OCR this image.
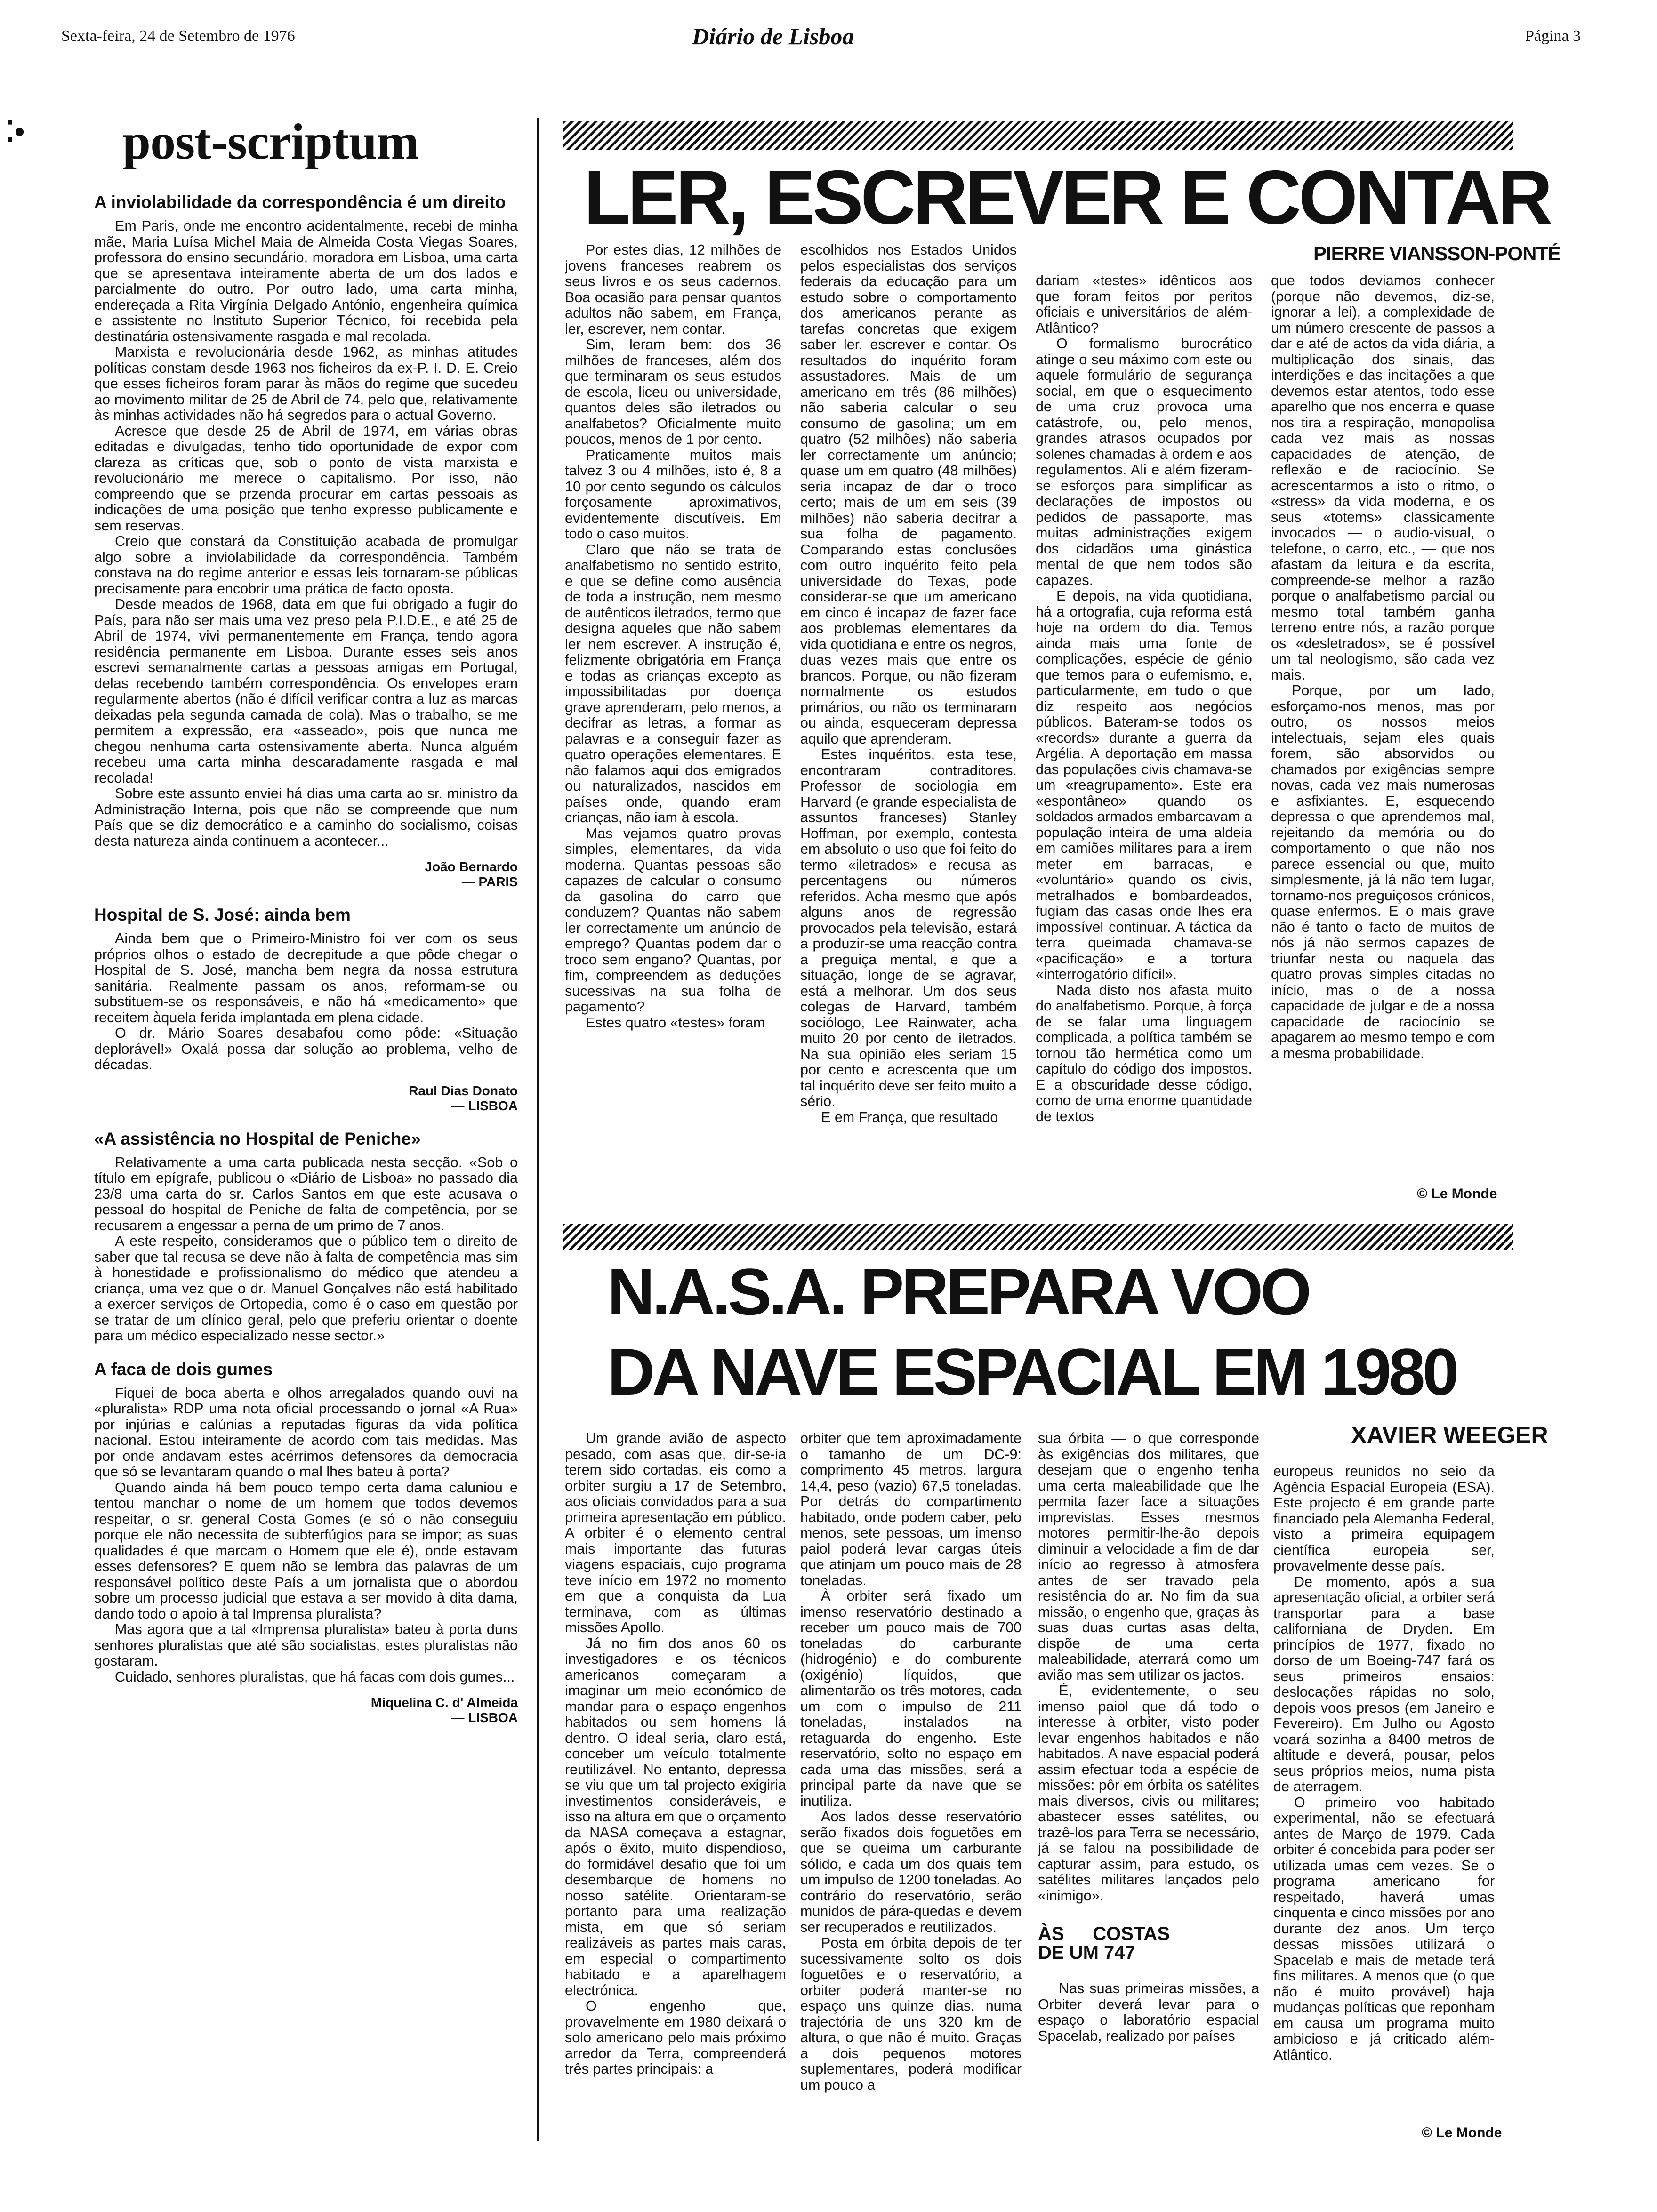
Sexta-feira, 24 de Setembro de 1976	Diário de Lisboa	Página 3
⁚• post-scriptum
A inviolabilidade da correspondência é um direito

Em Paris, onde me encontro acidentalmente, recebi de minha mãe, Maria Luísa Michel Maia de Almeida Costa Viegas Soares, professora do ensino secundário, moradora em Lisboa, uma carta que se apresentava inteiramente aberta de um dos lados e parcialmente do outro. Por outro lado, uma carta minha, endereçada a Rita Virgínia Delgado António, engenheira química e assistente no Instituto Superior Técnico, foi recebida pela destinatária ostensivamente rasgada e mal recolada.

Marxista e revolucionária desde 1962, as minhas atitudes políticas constam desde 1963 nos ficheiros da ex-P. I. D. E. Creio que esses ficheiros foram parar às mãos do regime que sucedeu ao movimento militar de 25 de Abril de 74, pelo que, relativamente às minhas actividades não há segredos para o actual Governo.

Acresce que desde 25 de Abril de 1974, em várias obras editadas e divulgadas, tenho tido oportunidade de expor com clareza as críticas que, sob o ponto de vista marxista e revolucionário me merece o capitalismo. Por isso, não compreendo que se przenda procurar em cartas pessoais as indicações de uma posição que tenho expresso publicamente e sem reservas.

Creio que constará da Constituição acabada de promulgar algo sobre a inviolabilidade da correspondência. Também constava na do regime anterior e essas leis tornaram-se públicas precisamente para encobrir uma prática de facto oposta.

Desde meados de 1968, data em que fui obrigado a fugir do País, para não ser mais uma vez preso pela P.I.D.E., e até 25 de Abril de 1974, vivi permanentemente em França, tendo agora residência permanente em Lisboa. Durante esses seis anos escrevi semanalmente cartas a pessoas amigas em Portugal, delas recebendo também correspondência. Os envelopes eram regularmente abertos (não é difícil verificar contra a luz as marcas deixadas pela segunda camada de cola). Mas o trabalho, se me permitem a expressão, era «asseado», pois que nunca me chegou nenhuma carta ostensivamente aberta. Nunca alguém recebeu uma carta minha descaradamente rasgada e mal recolada!

Sobre este assunto enviei há dias uma carta ao sr. ministro da Administração Interna, pois que não se compreende que num País que se diz democrático e a caminho do socialismo, coisas desta natureza ainda continuem a acontecer...

João Bernardo
— PARIS
Hospital de S. José: ainda bem

Ainda bem que o Primeiro-Ministro foi ver com os seus próprios olhos o estado de decrepitude a que pôde chegar o Hospital de S. José, mancha bem negra da nossa estrutura sanitária. Realmente passam os anos, reformam-se ou substituem-se os responsáveis, e não há «medicamento» que receitem àquela ferida implantada em plena cidade.

O dr. Mário Soares desabafou como pôde: «Situação deplorável!» Oxalá possa dar solução ao problema, velho de décadas.

Raul Dias Donato
— LISBOA
«A assistência no Hospital de Peniche»

Relativamente a uma carta publicada nesta secção. «Sob o título em epígrafe, publicou o «Diário de Lisboa» no passado dia 23/8 uma carta do sr. Carlos Santos em que este acusava o pessoal do hospital de Peniche de falta de competência, por se recusarem a engessar a perna de um primo de 7 anos.

A este respeito, consideramos que o público tem o direito de saber que tal recusa se deve não à falta de competência mas sim à honestidade e profissionalismo do médico que atendeu a criança, uma vez que o dr. Manuel Gonçalves não está habilitado a exercer serviços de Ortopedia, como é o caso em questão por se tratar de um clínico geral, pelo que preferiu orientar o doente para um médico especializado nesse sector.»

A faca de dois gumes

Fiquei de boca aberta e olhos arregalados quando ouvi na «pluralista» RDP uma nota oficial processando o jornal «A Rua» por injúrias e calúnias a reputadas figuras da vida política nacional. Estou inteiramente de acordo com tais medidas. Mas por onde andavam estes acérrimos defensores da democracia que só se levantaram quando o mal lhes bateu à porta?

Quando ainda há bem pouco tempo certa dama caluniou e tentou manchar o nome de um homem que todos devemos respeitar, o sr. general Costa Gomes (e só o não conseguiu porque ele não necessita de subterfúgios para se impor; as suas qualidades é que marcam o Homem que ele é), onde estavam esses defensores? E quem não se lembra das palavras de um responsável político deste País a um jornalista que o abordou sobre um processo judicial que estava a ser movido à dita dama, dando todo o apoio à tal Imprensa pluralista?

Mas agora que a tal «Imprensa pluralista» bateu à porta duns senhores pluralistas que até são socialistas, estes pluralistas não gostaram.

Cuidado, senhores pluralistas, que há facas com dois gumes...

Miquelina C. d' Almeida
— LISBOA
LER, ESCREVER E CONTAR
PIERRE VIANSSON-PONTÉ

Por estes dias, 12 milhões de jovens franceses reabrem os seus livros e os seus cadernos. Boa ocasião para pensar quantos adultos não sabem, em França, ler, escrever, nem contar.

Sim, leram bem: dos 36 milhões de franceses, além dos que terminaram os seus estudos de escola, liceu ou universidade, quantos deles são iletrados ou analfabetos? Oficialmente muito poucos, menos de 1 por cento.

Praticamente muitos mais talvez 3 ou 4 milhões, isto é, 8 a 10 por cento segundo os cálculos forçosamente aproximativos, evidentemente discutíveis. Em todo o caso muitos.

Claro que não se trata de analfabetismo no sentido estrito, e que se define como ausência de toda a instrução, nem mesmo de autênticos iletrados, termo que designa aqueles que não sabem ler nem escrever. A instrução é, felizmente obrigatória em França e todas as crianças excepto as impossibilitadas por doença grave aprenderam, pelo menos, a decifrar as letras, a formar as palavras e a conseguir fazer as quatro operações elementares. E não falamos aqui dos emigrados ou naturalizados, nascidos em países onde, quando eram crianças, não iam à escola.

Mas vejamos quatro provas simples, elementares, da vida moderna. Quantas pessoas são capazes de calcular o consumo da gasolina do carro que conduzem? Quantas não sabem ler correctamente um anúncio de emprego? Quantas podem dar o troco sem engano? Quantas, por fim, compreendem as deduções sucessivas na sua folha de pagamento?

Estes quatro «testes» foram

escolhidos nos Estados Unidos pelos especialistas dos serviços federais da educação para um estudo sobre o comportamento dos americanos perante as tarefas concretas que exigem saber ler, escrever e contar. Os resultados do inquérito foram assustadores. Mais de um americano em três (86 milhões) não saberia calcular o seu consumo de gasolina; um em quatro (52 milhões) não saberia ler correctamente um anúncio; quase um em quatro (48 milhões) seria incapaz de dar o troco certo; mais de um em seis (39 milhões) não saberia decifrar a sua folha de pagamento. Comparando estas conclusões com outro inquérito feito pela universidade do Texas, pode considerar-se que um americano em cinco é incapaz de fazer face aos problemas elementares da vida quotidiana e entre os negros, duas vezes mais que entre os brancos. Porque, ou não fizeram normalmente os estudos primários, ou não os terminaram ou ainda, esqueceram depressa aquilo que aprenderam.

Estes inquéritos, esta tese, encontraram contraditores. Professor de sociologia em Harvard (e grande especialista de assuntos franceses) Stanley Hoffman, por exemplo, contesta em absoluto o uso que foi feito do termo «iletrados» e recusa as percentagens ou números referidos. Acha mesmo que após alguns anos de regressão provocados pela televisão, estará a produzir-se uma reacção contra a preguiça mental, e que a situação, longe de se agravar, está a melhorar. Um dos seus colegas de Harvard, também sociólogo, Lee Rainwater, acha muito 20 por cento de iletrados. Na sua opinião eles seriam 15 por cento e acrescenta que um tal inquérito deve ser feito muito a sério.

E em França, que resultado

dariam «testes» idênticos aos que foram feitos por peritos oficiais e universitários de além-Atlântico?

O formalismo burocrático atinge o seu máximo com este ou aquele formulário de segurança social, em que o esquecimento de uma cruz provoca uma catástrofe, ou, pelo menos, grandes atrasos ocupados por solenes chamadas à ordem e aos regulamentos. Ali e além fizeram-se esforços para simplificar as declarações de impostos ou pedidos de passaporte, mas muitas administrações exigem dos cidadãos uma ginástica mental de que nem todos são capazes.

E depois, na vida quotidiana, há a ortografia, cuja reforma está hoje na ordem do dia. Temos ainda mais uma fonte de complicações, espécie de génio que temos para o eufemismo, e, particularmente, em tudo o que diz respeito aos negócios públicos. Bateram-se todos os «records» durante a guerra da Argélia. A deportação em massa das populações civis chamava-se um «reagrupamento». Este era «espontâneo» quando os soldados armados embarcavam a população inteira de uma aldeia em camiões militares para a irem meter em barracas, e «voluntário» quando os civis, metralhados e bombardeados, fugiam das casas onde lhes era impossível continuar. A táctica da terra queimada chamava-se «pacificação» e a tortura «interrogatório difícil».

Nada disto nos afasta muito do analfabetismo. Porque, à força de se falar uma linguagem complicada, a política também se tornou tão hermética como um capítulo do código dos impostos. E a obscuridade desse código, como de uma enorme quantidade de textos

que todos deviamos conhecer (porque não devemos, diz-se, ignorar a lei), a complexidade de um número crescente de passos a dar e até de actos da vida diária, a multiplicação dos sinais, das interdições e das incitações a que devemos estar atentos, todo esse aparelho que nos encerra e quase nos tira a respiração, monopolisa cada vez mais as nossas capacidades de atenção, de reflexão e de raciocínio. Se acrescentarmos a isto o ritmo, o «stress» da vida moderna, e os seus «totems» classicamente invocados — o audio-visual, o telefone, o carro, etc., — que nos afastam da leitura e da escrita, compreende-se melhor a razão porque o analfabetismo parcial ou mesmo total também ganha terreno entre nós, a razão porque os «desletrados», se é possível um tal neologismo, são cada vez mais.

Porque, por um lado, esforçamo-nos menos, mas por outro, os nossos meios intelectuais, sejam eles quais forem, são absorvidos ou chamados por exigências sempre novas, cada vez mais numerosas e asfixiantes. E, esquecendo depressa o que aprendemos mal, rejeitando da memória ou do comportamento o que não nos parece essencial ou que, muito simplesmente, já lá não tem lugar, tornamo-nos preguiçosos crónicos, quase enfermos. E o mais grave não é tanto o facto de muitos de nós já não sermos capazes de triunfar nesta ou naquela das quatro provas simples citadas no início, mas o de a nossa capacidade de julgar e de a nossa capacidade de raciocínio se apagarem ao mesmo tempo e com a mesma probabilidade.

© Le Monde
N.A.S.A. PREPARA VOO
DA NAVE ESPACIAL EM 1980
XAVIER WEEGER

Um grande avião de aspecto pesado, com asas que, dir-se-ia terem sido cortadas, eis como a orbiter surgiu a 17 de Setembro, aos oficiais convidados para a sua primeira apresentação em público. A orbiter é o elemento central mais importante das futuras viagens espaciais, cujo programa teve início em 1972 no momento em que a conquista da Lua terminava, com as últimas missões Apollo.

Já no fim dos anos 60 os investigadores e os técnicos americanos começaram a imaginar um meio económico de mandar para o espaço engenhos habitados ou sem homens lá dentro. O ideal seria, claro está, conceber um veículo totalmente reutilizável. No entanto, depressa se viu que um tal projecto exigiria investimentos consideráveis, e isso na altura em que o orçamento da NASA começava a estagnar, após o êxito, muito dispendioso, do formidável desafio que foi um desembarque de homens no nosso satélite. Orientaram-se portanto para uma realização mista, em que só seriam realizáveis as partes mais caras, em especial o compartimento habitado e a aparelhagem electrónica.

O engenho que, provavelmente em 1980 deixará o solo americano pelo mais próximo arredor da Terra, compreenderá três partes principais: a

orbiter que tem aproximadamente o tamanho de um DC-9: comprimento 45 metros, largura 14,4, peso (vazio) 67,5 toneladas. Por detrás do compartimento habitado, onde podem caber, pelo menos, sete pessoas, um imenso paiol poderá levar cargas úteis que atinjam um pouco mais de 28 toneladas.

À orbiter será fixado um imenso reservatório destinado a receber um pouco mais de 700 toneladas do carburante (hidrogénio) e do comburente (oxigénio) líquidos, que alimentarão os três motores, cada um com o impulso de 211 toneladas, instalados na retaguarda do engenho. Este reservatório, solto no espaço em cada uma das missões, será a principal parte da nave que se inutiliza.

Aos lados desse reservatório serão fixados dois foguetões em que se queima um carburante sólido, e cada um dos quais tem um impulso de 1200 toneladas. Ao contrário do reservatório, serão munidos de pára-quedas e devem ser recuperados e reutilizados.

Posta em órbita depois de ter sucessivamente solto os dois foguetões e o reservatório, a orbiter poderá manter-se no espaço uns quinze dias, numa trajectória de uns 320 km de altura, o que não é muito. Graças a dois pequenos motores suplementares, poderá modificar um pouco a

sua órbita — o que corresponde às exigências dos militares, que desejam que o engenho tenha uma certa maleabilidade que lhe permita fazer face a situações imprevistas. Esses mesmos motores permitir-lhe-ão depois diminuir a velocidade a fim de dar início ao regresso à atmosfera antes de ser travado pela resistência do ar. No fim da sua missão, o engenho que, graças às suas duas curtas asas delta, dispõe de uma certa maleabilidade, aterrará como um avião mas sem utilizar os jactos.

É, evidentemente, o seu imenso paiol que dá todo o interesse à orbiter, visto poder levar engenhos habitados e não habitados. A nave espacial poderá assim efectuar toda a espécie de missões: pôr em órbita os satélites mais diversos, civis ou militares; abastecer esses satélites, ou trazê-los para Terra se necessário, já se falou na possibilidade de capturar assim, para estudo, os satélites militares lançados pelo «inimigo».

ÀS COSTAS DE UM 747

Nas suas primeiras missões, a Orbiter deverá levar para o espaço o laboratório espacial Spacelab, realizado por países

europeus reunidos no seio da Agência Espacial Europeia (ESA). Este projecto é em grande parte financiado pela Alemanha Federal, visto a primeira equipagem científica europeia ser, provavelmente desse país.

De momento, após a sua apresentação oficial, a orbiter será transportar para a base californiana de Dryden. Em princípios de 1977, fixado no dorso de um Boeing-747 fará os seus primeiros ensaios: deslocações rápidas no solo, depois voos presos (em Janeiro e Fevereiro). Em Julho ou Agosto voará sozinha a 8400 metros de altitude e deverá, pousar, pelos seus próprios meios, numa pista de aterragem.

O primeiro voo habitado experimental, não se efectuará antes de Março de 1979. Cada orbiter é concebida para poder ser utilizada umas cem vezes. Se o programa americano for respeitado, haverá umas cinquenta e cinco missões por ano durante dez anos. Um terço dessas missões utilizará o Spacelab e mais de metade terá fins militares. A menos que (o que não é muito provável) haja mudanças políticas que reponham em causa um programa muito ambicioso e já criticado além-Atlântico.

© Le Monde
